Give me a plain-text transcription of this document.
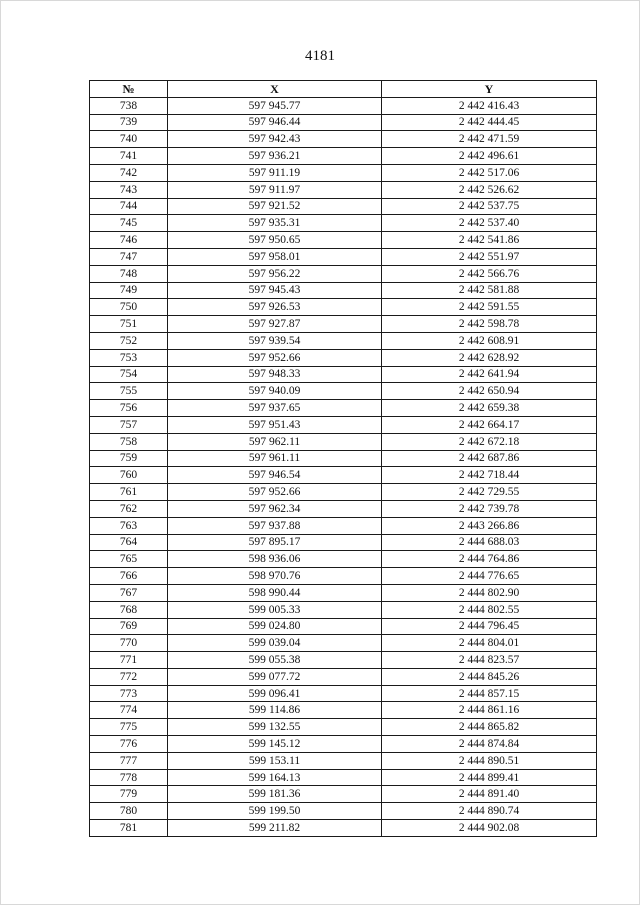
4181
№	X	Y
738	597 945.77	2 442 416.43
739	597 946.44	2 442 444.45
740	597 942.43	2 442 471.59
741	597 936.21	2 442 496.61
742	597 911.19	2 442 517.06
743	597 911.97	2 442 526.62
744	597 921.52	2 442 537.75
745	597 935.31	2 442 537.40
746	597 950.65	2 442 541.86
747	597 958.01	2 442 551.97
748	597 956.22	2 442 566.76
749	597 945.43	2 442 581.88
750	597 926.53	2 442 591.55
751	597 927.87	2 442 598.78
752	597 939.54	2 442 608.91
753	597 952.66	2 442 628.92
754	597 948.33	2 442 641.94
755	597 940.09	2 442 650.94
756	597 937.65	2 442 659.38
757	597 951.43	2 442 664.17
758	597 962.11	2 442 672.18
759	597 961.11	2 442 687.86
760	597 946.54	2 442 718.44
761	597 952.66	2 442 729.55
762	597 962.34	2 442 739.78
763	597 937.88	2 443 266.86
764	597 895.17	2 444 688.03
765	598 936.06	2 444 764.86
766	598 970.76	2 444 776.65
767	598 990.44	2 444 802.90
768	599 005.33	2 444 802.55
769	599 024.80	2 444 796.45
770	599 039.04	2 444 804.01
771	599 055.38	2 444 823.57
772	599 077.72	2 444 845.26
773	599 096.41	2 444 857.15
774	599 114.86	2 444 861.16
775	599 132.55	2 444 865.82
776	599 145.12	2 444 874.84
777	599 153.11	2 444 890.51
778	599 164.13	2 444 899.41
779	599 181.36	2 444 891.40
780	599 199.50	2 444 890.74
781	599 211.82	2 444 902.08
